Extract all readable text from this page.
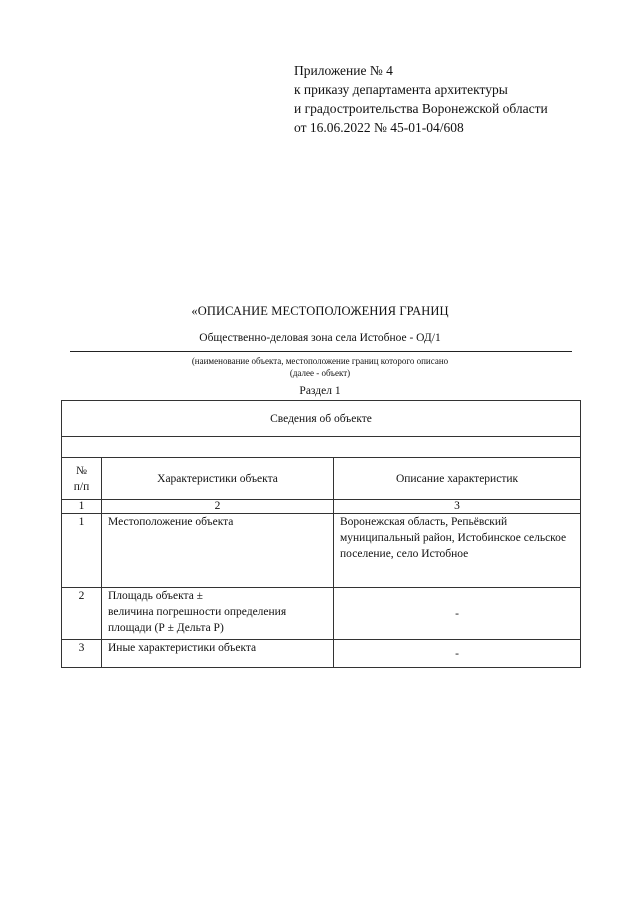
Приложение № 4
к приказу департамента архитектуры
и градостроительства Воронежской области
от 16.06.2022 № 45-01-04/608
«ОПИСАНИЕ МЕСТОПОЛОЖЕНИЯ ГРАНИЦ
Общественно-деловая зона села Истобное - ОД/1
(наименование объекта, местоположение границ которого описано
(далее - объект)
Раздел 1
Сведения об объекте		

№
п/п	Характеристики объекта	Описание характеристик
1	2	3
1	Местоположение объекта	Воронежская область, Репьёвский муниципальный район, Истобинское сельское поселение, село Истобное
2	Площадь объекта ±
величина погрешности определения площади (Р ± Дельта Р)	-
3	Иные характеристики объекта	-
